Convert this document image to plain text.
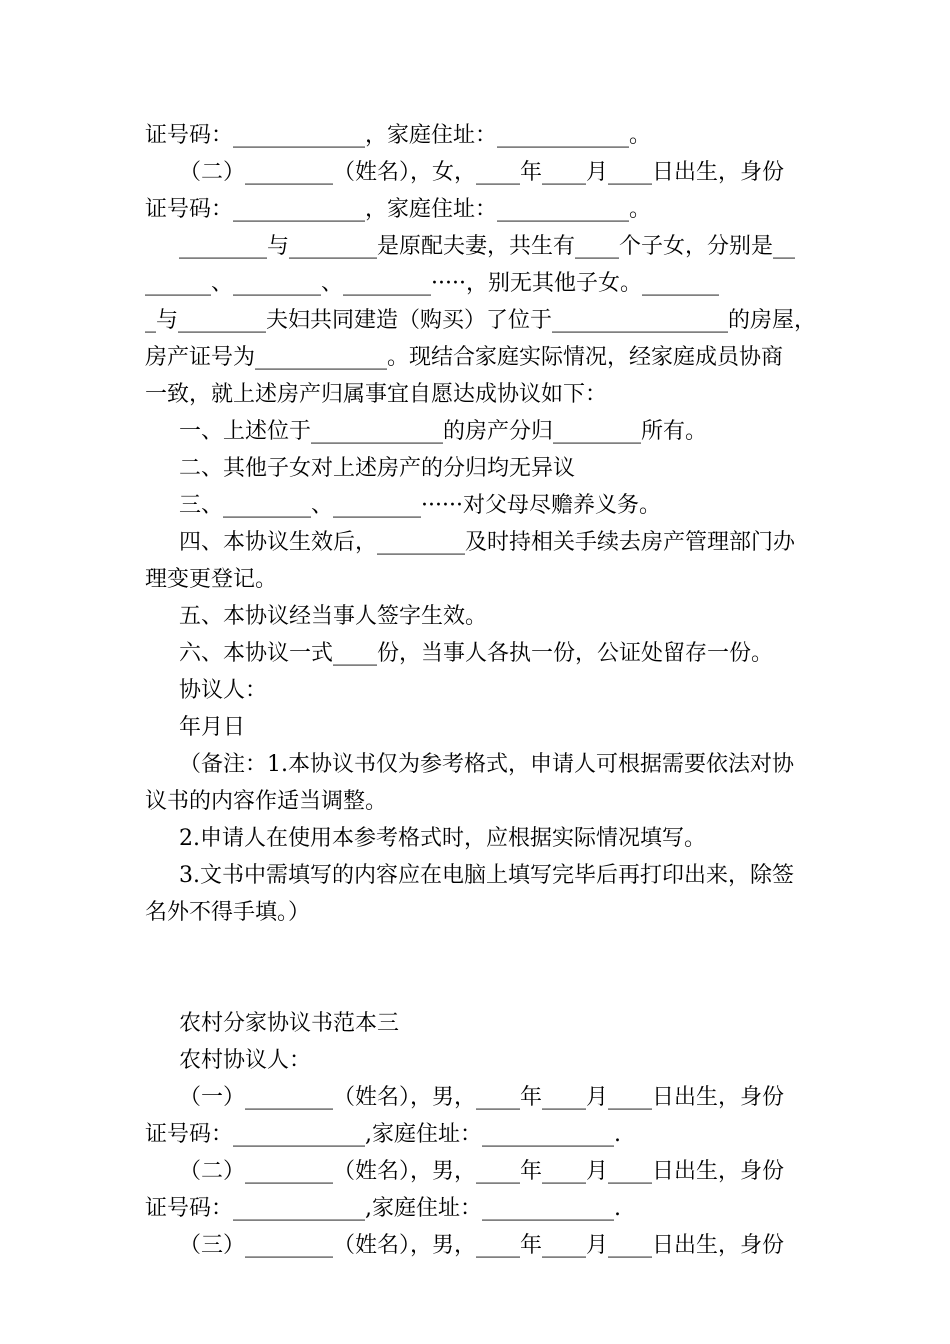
证号码：____________，家庭住址：____________。
（二）________（姓名），女，____年____月____日出生，身份
证号码：____________，家庭住址：____________。
________与________是原配夫妻，共生有____个子女，分别是__
______、________、________·····，别无其他子女。_______
_与________夫妇共同建造（购买）了位于________________的房屋，
房产证号为____________。现结合家庭实际情况，经家庭成员协商
一致，就上述房产归属事宜自愿达成协议如下：
一、上述位于____________的房产分归________所有。
二、其他子女对上述房产的分归均无异议
三、________、________······对父母尽赡养义务。
四、本协议生效后，________及时持相关手续去房产管理部门办
理变更登记。
五、本协议经当事人签字生效。
六、本协议一式____份，当事人各执一份，公证处留存一份。
协议人：
年月日
（备注：1.本协议书仅为参考格式，申请人可根据需要依法对协
议书的内容作适当调整。
2.申请人在使用本参考格式时，应根据实际情况填写。
3.文书中需填写的内容应在电脑上填写完毕后再打印出来，除签
名外不得手填。）
农村分家协议书范本三
农村协议人：
（一）________（姓名），男，____年____月____日出生，身份
证号码：____________,家庭住址：____________.
（二）________（姓名），男，____年____月____日出生，身份
证号码：____________,家庭住址：____________.
（三）________（姓名），男，____年____月____日出生，身份
